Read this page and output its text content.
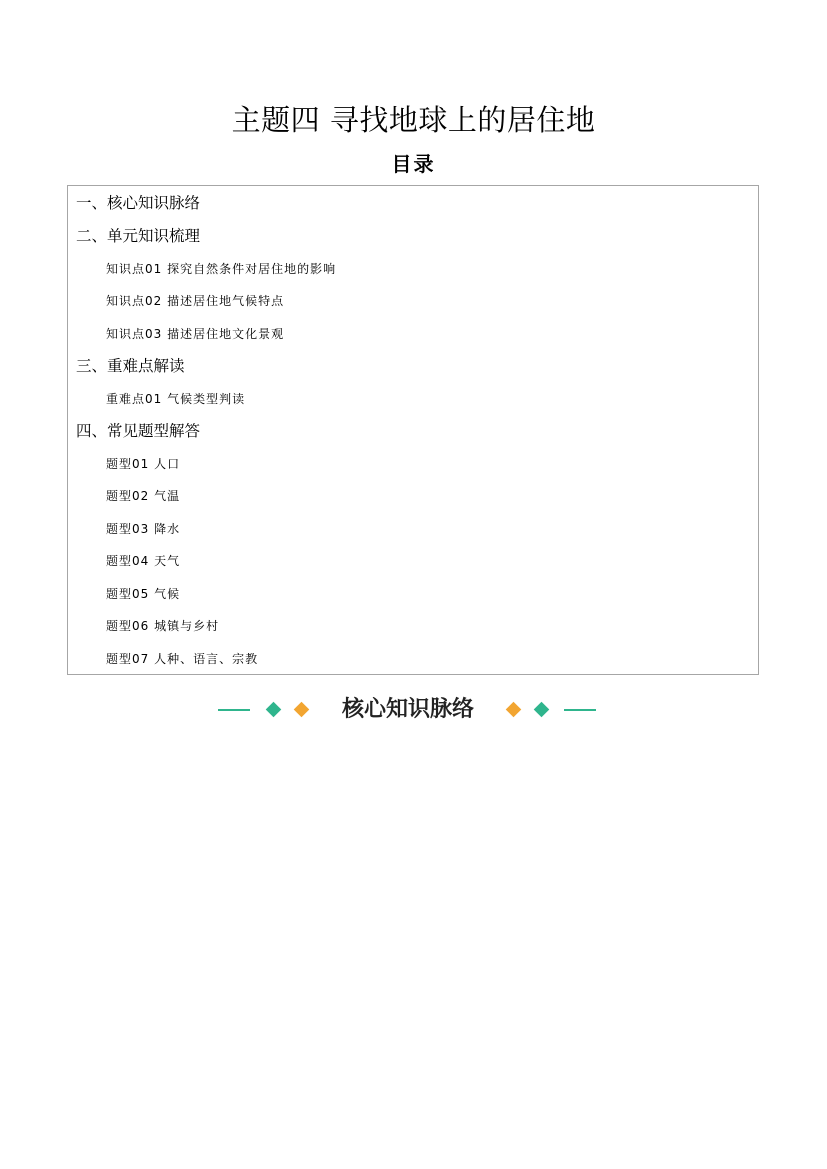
主题四 寻找地球上的居住地
目录
一、核心知识脉络
二、单元知识梳理
知识点01 探究自然条件对居住地的影响
知识点02 描述居住地气候特点
知识点03 描述居住地文化景观
三、重难点解读
重难点01 气候类型判读
四、常见题型解答
题型01 人口
题型02 气温
题型03 降水
题型04 天气
题型05 气候
题型06 城镇与乡村
题型07 人种、语言、宗教
核心知识脉络
